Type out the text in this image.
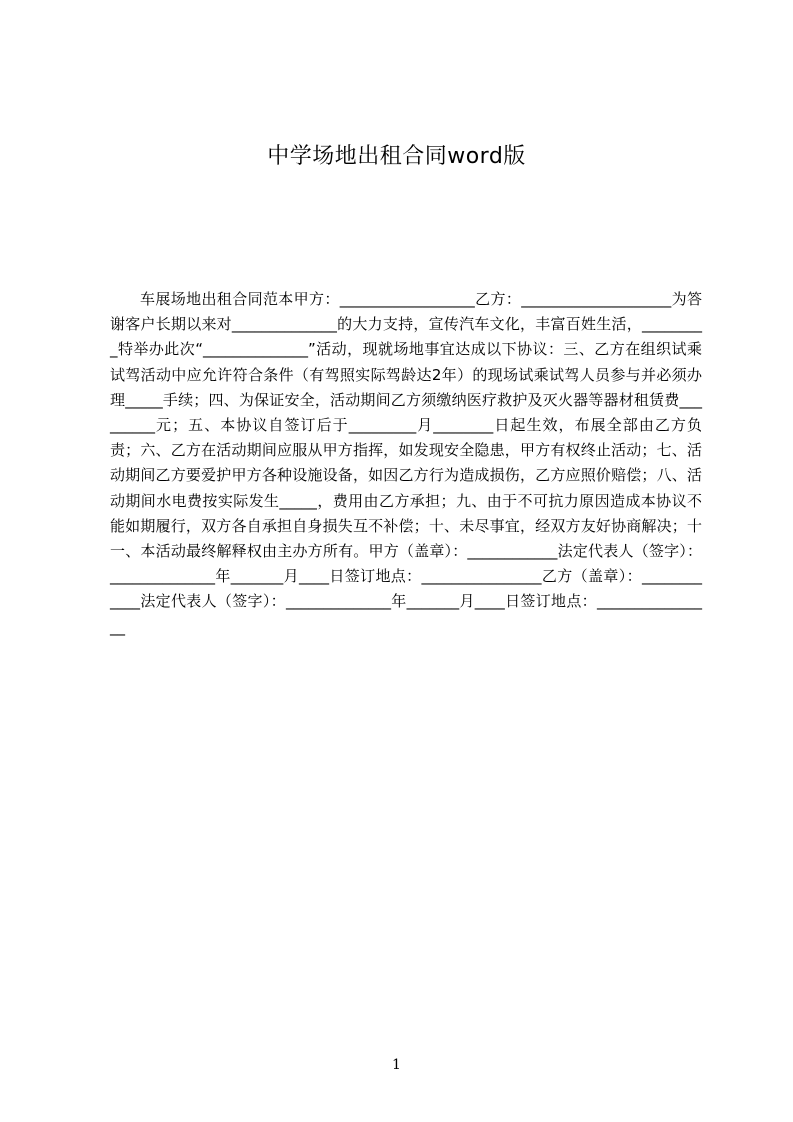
中学场地出租合同word版

车展场地出租合同范本甲方：__________________乙方：____________________为答谢客户长期以来对______________的大力支持，宣传汽车文化，丰富百姓生活，_________特举办此次“______________”活动，现就场地事宜达成以下协议：三、乙方在组织试乘试驾活动中应允许符合条件（有驾照实际驾龄达2年）的现场试乘试驾人员参与并必须办理_____手续；四、为保证安全，活动期间乙方须缴纳医疗救护及灭火器等器材租赁费_________元；五、本协议自签订后于_________月________日起生效，布展全部由乙方负责；六、乙方在活动期间应服从甲方指挥，如发现安全隐患，甲方有权终止活动；七、活动期间乙方要爱护甲方各种设施设备，如因乙方行为造成损伤，乙方应照价赔偿；八、活动期间水电费按实际发生_____，费用由乙方承担；九、由于不可抗力原因造成本协议不能如期履行，双方各自承担自身损失互不补偿；十、未尽事宜，经双方友好协商解决；十一、本活动最终解释权由主办方所有。甲方（盖章）：____________法定代表人（签字）：______________年_______月____日签订地点：________________乙方（盖章）：____________法定代表人（签字）：______________年_______月____日签订地点：________________

1
